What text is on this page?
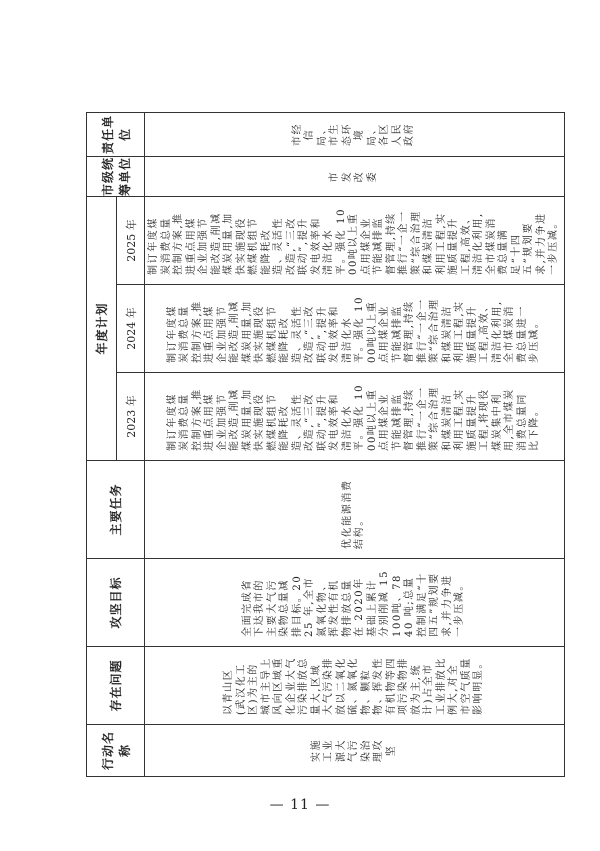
行动名称	存在问题	攻坚目标	主要任务	年度计划			市级统筹单位	责任单位
				2023 年	2024 年	2025 年		
实施工业源大气污染治理攻坚	以青山区(武汉化工区)为主的城市主导上风向区域重化企业大气污染排放总量大,区域大气污染排放以二氧化硫、氮氧化物、颗粒物、挥发性有机物等四项污染物排放为主,统计)占全市工业排放比例大,对全市空气质量影响明显。	全面完成省下达我市的主要大气污染物总量减排目标。2025 年,全市氮氧化物、挥发性有机物排放总量在 2020年基础上累计分别削减 15100吨、7840 吨;总量控制满足“十四五”规划要求,并力争进一步压减。	优化能源消费结构。	制订年度煤炭消费总量控制方案,推进重点用煤企业加强节能改造,削减煤炭用量,加快实施现役燃煤机组节能降耗改造、灵活性改造,“三改联动”,提升发电效率和清洁化水平。强化 1000吨以上重点用煤企业节能减排监督管理,持续推行“一企一策”综合治理和煤炭清洁利用工程,实施质量提升工程,将现役煤炭集中利用,全市煤炭消费总量同比下降。	制订年度煤炭消费总量控制方案,推进重点用煤企业加强节能改造,削减煤炭用量,加快实施现役燃煤机组节能降耗改造、灵活性改造,“三改联动”,提升发电效率和清洁化水平。强化 1000吨以上重点用煤企业节能减排监督管理,持续推行“一企一策”综合治理和煤炭清洁利用工程,实施质量提升工程,高效、清洁化利用,全市煤炭消费总量进一步压减。	制订年度煤炭消费总量控制方案,推进重点用煤企业加强节能改造,削减煤炭用量,加快实施现役燃煤机组节能降耗改造、灵活性改造,“三改联动”,提升发电效率和清洁化水平。强化 1000吨以上重点用煤企业节能减排监督管理,持续推行“一企一策”综合治理和煤炭清洁利用工程,实施质量提升工程,高效、清洁化利用,全市煤炭消费总量满足“十四五”规划要求,并力争进一步压减。	市发改委	市经信局、市生态环境局、各区人民政府
— 11 —
